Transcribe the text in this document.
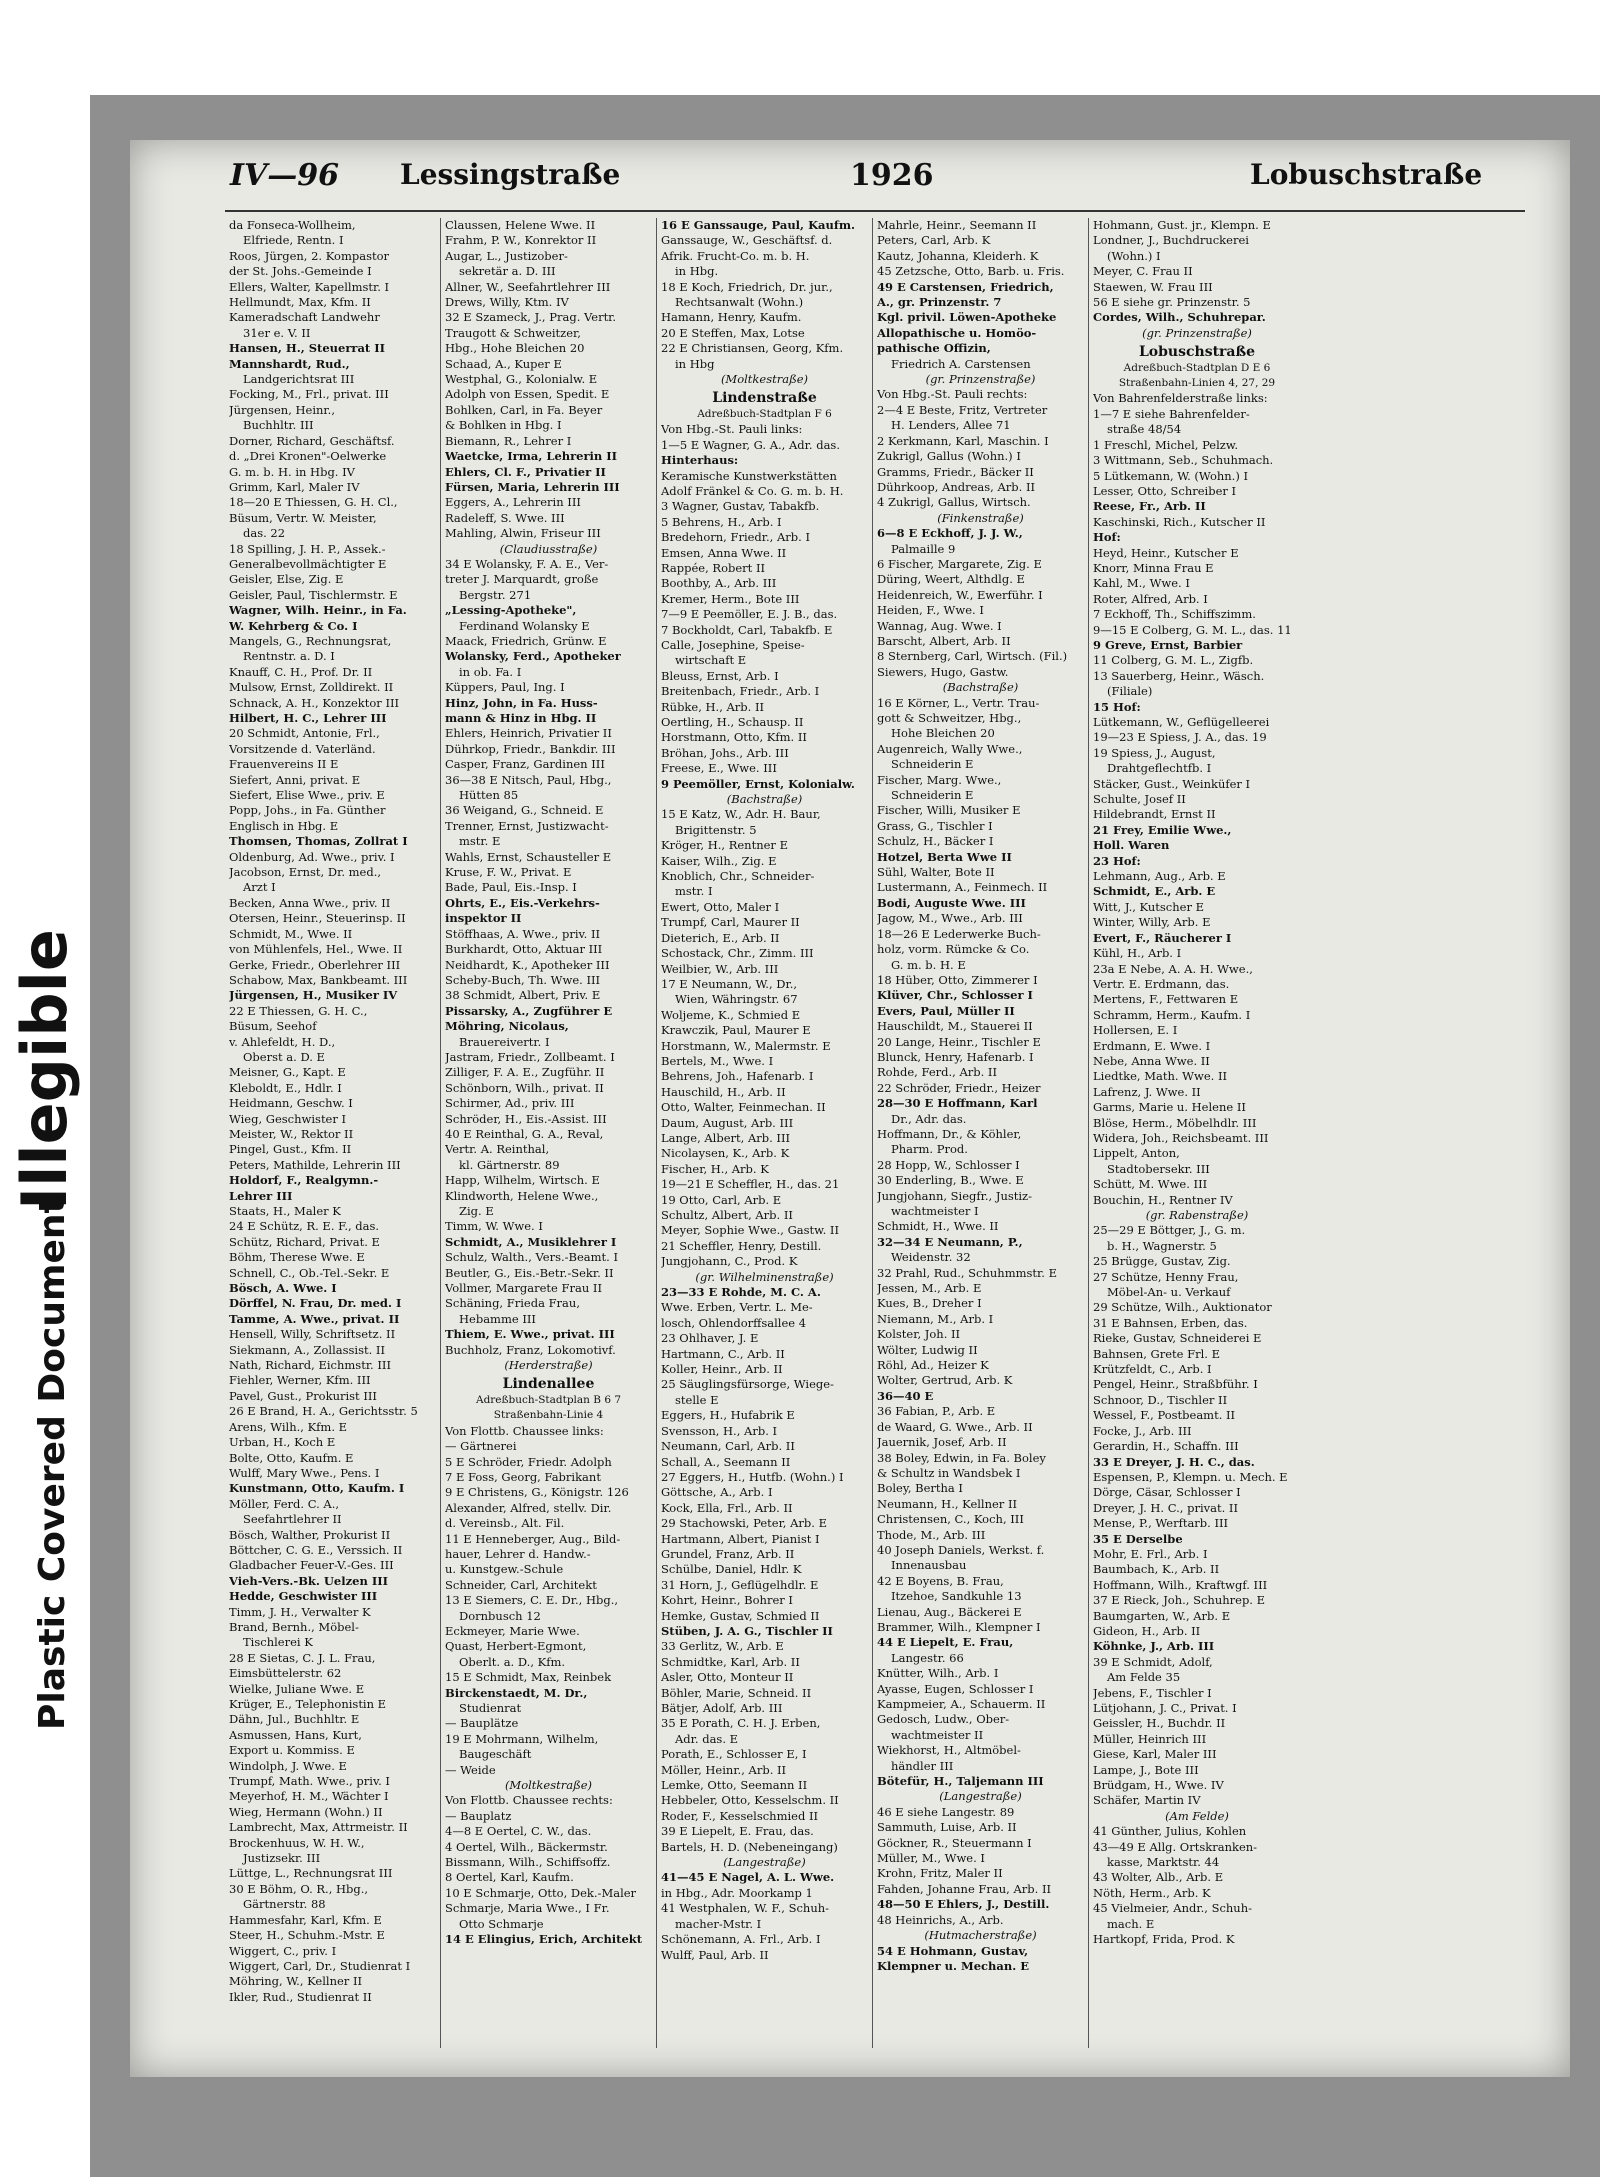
Illegible
Plastic Covered Document
IV—96 Lessingstraße	1926	Lobuschstraße
da Fonseca-Wollheim,
Elfriede, Rentn. I
Roos, Jürgen, 2. Kompastor
der St. Johs.-Gemeinde I
Ellers, Walter, Kapellmstr. I
Hellmundt, Max, Kfm. II
Kameradschaft Landwehr
31er e. V. II
Hansen, H., Steuerrat II
Mannshardt, Rud.,
Landgerichtsrat III
Focking, M., Frl., privat. III
Jürgensen, Heinr.,
Buchhltr. III
Dorner, Richard, Geschäftsf.
d. „Drei Kronen"-Oelwerke
G. m. b. H. in Hbg. IV
Grimm, Karl, Maler IV
18—20 E Thiessen, G. H. Cl.,
Büsum, Vertr. W. Meister,
das. 22
18 Spilling, J. H. P., Assek.-
Generalbevollmächtigter E
Geisler, Else, Zig. E
Geisler, Paul, Tischlermstr. E
Wagner, Wilh. Heinr., in Fa.
W. Kehrberg & Co. I
Mangels, G., Rechnungsrat,
Rentnstr. a. D. I
Knauff, C. H., Prof. Dr. II
Mulsow, Ernst, Zolldirekt. II
Schnack, A. H., Konzektor III
Hilbert, H. C., Lehrer III
20 Schmidt, Antonie, Frl.,
Vorsitzende d. Vaterländ.
Frauenvereins II E
Siefert, Anni, privat. E
Siefert, Elise Wwe., priv. E
Popp, Johs., in Fa. Günther
Englisch in Hbg. E
Thomsen, Thomas, Zollrat I
Oldenburg, Ad. Wwe., priv. I
Jacobson, Ernst, Dr. med.,
Arzt I
Becken, Anna Wwe., priv. II
Otersen, Heinr., Steuerinsp. II
Schmidt, M., Wwe. II
von Mühlenfels, Hel., Wwe. II
Gerke, Friedr., Oberlehrer III
Schabow, Max, Bankbeamt. III
Jürgensen, H., Musiker IV
22 E Thiessen, G. H. C.,
Büsum, Seehof
v. Ahlefeldt, H. D.,
Oberst a. D. E
Meisner, G., Kapt. E
Kleboldt, E., Hdlr. I
Heidmann, Geschw. I
Wieg, Geschwister I
Meister, W., Rektor II
Pingel, Gust., Kfm. II
Peters, Mathilde, Lehrerin III
Holdorf, F., Realgymn.-
Lehrer III
Staats, H., Maler K
24 E Schütz, R. E. F., das.
Schütz, Richard, Privat. E
Böhm, Therese Wwe. E
Schnell, C., Ob.-Tel.-Sekr. E
Bösch, A. Wwe. I
Dörffel, N. Frau, Dr. med. I
Tamme, A. Wwe., privat. II
Hensell, Willy, Schriftsetz. II
Siekmann, A., Zollassist. II
Nath, Richard, Eichmstr. III
Fiehler, Werner, Kfm. III
Pavel, Gust., Prokurist III
26 E Brand, H. A., Gerichtsstr. 5
Arens, Wilh., Kfm. E
Urban, H., Koch E
Bolte, Otto, Kaufm. E
Wulff, Mary Wwe., Pens. I
Kunstmann, Otto, Kaufm. I
Möller, Ferd. C. A.,
Seefahrtlehrer II
Bösch, Walther, Prokurist II
Böttcher, C. G. E., Verssich. II
Gladbacher Feuer-V.-Ges. III
Vieh-Vers.-Bk. Uelzen III
Hedde, Geschwister III
Timm, J. H., Verwalter K
Brand, Bernh., Möbel-
Tischlerei K
28 E Sietas, C. J. L. Frau,
Eimsbüttelerstr. 62
Wielke, Juliane Wwe. E
Krüger, E., Telephonistin E
Dähn, Jul., Buchhltr. E
Asmussen, Hans, Kurt,
Export u. Kommiss. E
Windolph, J. Wwe. E
Trumpf, Math. Wwe., priv. I
Meyerhof, H. M., Wächter I
Wieg, Hermann (Wohn.) II
Lambrecht, Max, Attrmeistr. II
Brockenhuus, W. H. W.,
Justizsekr. III
Lüttge, L., Rechnungsrat III
30 E Böhm, O. R., Hbg.,
Gärtnerstr. 88
Hammesfahr, Karl, Kfm. E
Steer, H., Schuhm.-Mstr. E
Wiggert, C., priv. I
Wiggert, Carl, Dr., Studienrat I
Möhring, W., Kellner II
Ikler, Rud., Studienrat II
Claussen, Helene Wwe. II
Frahm, P. W., Konrektor II
Augar, L., Justizober-
sekretär a. D. III
Allner, W., Seefahrtlehrer III
Drews, Willy, Ktm. IV
32 E Szameck, J., Prag. Vertr.
Traugott & Schweitzer,
Hbg., Hohe Bleichen 20
Schaad, A., Kuper E
Westphal, G., Kolonialw. E
Adolph von Essen, Spedit. E
Bohlken, Carl, in Fa. Beyer
& Bohlken in Hbg. I
Biemann, R., Lehrer I
Waetcke, Irma, Lehrerin II
Ehlers, Cl. F., Privatier II
Fürsen, Maria, Lehrerin III
Eggers, A., Lehrerin III
Radeleff, S. Wwe. III
Mahling, Alwin, Friseur III
(Claudiusstraße)
34 E Wolansky, F. A. E., Ver-
treter J. Marquardt, große
Bergstr. 271
„Lessing-Apotheke",
Ferdinand Wolansky E
Maack, Friedrich, Grünw. E
Wolansky, Ferd., Apotheker
in ob. Fa. I
Küppers, Paul, Ing. I
Hinz, John, in Fa. Huss-
mann & Hinz in Hbg. II
Ehlers, Heinrich, Privatier II
Dührkop, Friedr., Bankdir. III
Casper, Franz, Gardinen III
36—38 E Nitsch, Paul, Hbg.,
Hütten 85
36 Weigand, G., Schneid. E
Trenner, Ernst, Justizwacht-
mstr. E
Wahls, Ernst, Schausteller E
Kruse, F. W., Privat. E
Bade, Paul, Eis.-Insp. I
Ohrts, E., Eis.-Verkehrs-
inspektor II
Stöffhaas, A. Wwe., priv. II
Burkhardt, Otto, Aktuar III
Neidhardt, K., Apotheker III
Scheby-Buch, Th. Wwe. III
38 Schmidt, Albert, Priv. E
Pissarsky, A., Zugführer E
Möhring, Nicolaus,
Brauereivertr. I
Jastram, Friedr., Zollbeamt. I
Zilliger, F. A. E., Zugführ. II
Schönborn, Wilh., privat. II
Schirmer, Ad., priv. III
Schröder, H., Eis.-Assist. III
40 E Reinthal, G. A., Reval,
Vertr. A. Reinthal,
kl. Gärtnerstr. 89
Happ, Wilhelm, Wirtsch. E
Klindworth, Helene Wwe.,
Zig. E
Timm, W. Wwe. I
Schmidt, A., Musiklehrer I
Schulz, Walth., Vers.-Beamt. I
Beutler, G., Eis.-Betr.-Sekr. II
Vollmer, Margarete Frau II
Schäning, Frieda Frau,
Hebamme III
Thiem, E. Wwe., privat. III
Buchholz, Franz, Lokomotivf.
(Herderstraße)
Lindenallee
Adreßbuch-Stadtplan B 6 7
Straßenbahn-Linie 4
Von Flottb. Chaussee links:
— Gärtnerei
5 E Schröder, Friedr. Adolph
7 E Foss, Georg, Fabrikant
9 E Christens, G., Königstr. 126
Alexander, Alfred, stellv. Dir.
d. Vereinsb., Alt. Fil.
11 E Henneberger, Aug., Bild-
hauer, Lehrer d. Handw.-
u. Kunstgew.-Schule
Schneider, Carl, Architekt
13 E Siemers, C. E. Dr., Hbg.,
Dornbusch 12
Eckmeyer, Marie Wwe.
Quast, Herbert-Egmont,
Oberlt. a. D., Kfm.
15 E Schmidt, Max, Reinbek
Birckenstaedt, M. Dr.,
Studienrat
— Bauplätze
19 E Mohrmann, Wilhelm,
Baugeschäft
— Weide
(Moltkestraße)
Von Flottb. Chaussee rechts:
— Bauplatz
4—8 E Oertel, C. W., das.
4 Oertel, Wilh., Bäckermstr.
Bissmann, Wilh., Schiffsoffz.
8 Oertel, Karl, Kaufm.
10 E Schmarje, Otto, Dek.-Maler
Schmarje, Maria Wwe., I Fr.
Otto Schmarje
14 E Elingius, Erich, Architekt
16 E Ganssauge, Paul, Kaufm.
Ganssauge, W., Geschäftsf. d.
Afrik. Frucht-Co. m. b. H.
in Hbg.
18 E Koch, Friedrich, Dr. jur.,
Rechtsanwalt (Wohn.)
Hamann, Henry, Kaufm.
20 E Steffen, Max, Lotse
22 E Christiansen, Georg, Kfm.
in Hbg
(Moltkestraße)
Lindenstraße
Adreßbuch-Stadtplan F 6
Von Hbg.-St. Pauli links:
1—5 E Wagner, G. A., Adr. das.
Hinterhaus:
Keramische Kunstwerkstätten
Adolf Fränkel & Co. G. m. b. H.
3 Wagner, Gustav, Tabakfb.
5 Behrens, H., Arb. I
Bredehorn, Friedr., Arb. I
Emsen, Anna Wwe. II
Rappée, Robert II
Boothby, A., Arb. III
Kremer, Herm., Bote III
7—9 E Peemöller, E. J. B., das.
7 Bockholdt, Carl, Tabakfb. E
Calle, Josephine, Speise-
wirtschaft E
Bleuss, Ernst, Arb. I
Breitenbach, Friedr., Arb. I
Rübke, H., Arb. II
Oertling, H., Schausp. II
Horstmann, Otto, Kfm. II
Bröhan, Johs., Arb. III
Freese, E., Wwe. III
9 Peemöller, Ernst, Kolonialw.
(Bachstraße)
15 E Katz, W., Adr. H. Baur,
Brigittenstr. 5
Kröger, H., Rentner E
Kaiser, Wilh., Zig. E
Knoblich, Chr., Schneider-
mstr. I
Ewert, Otto, Maler I
Trumpf, Carl, Maurer II
Dieterich, E., Arb. II
Schostack, Chr., Zimm. III
Weilbier, W., Arb. III
17 E Neumann, W., Dr.,
Wien, Währingstr. 67
Woljeme, K., Schmied E
Krawczik, Paul, Maurer E
Horstmann, W., Malermstr. E
Bertels, M., Wwe. I
Behrens, Joh., Hafenarb. I
Hauschild, H., Arb. II
Otto, Walter, Feinmechan. II
Daum, August, Arb. III
Lange, Albert, Arb. III
Nicolaysen, K., Arb. K
Fischer, H., Arb. K
19—21 E Scheffler, H., das. 21
19 Otto, Carl, Arb. E
Schultz, Albert, Arb. II
Meyer, Sophie Wwe., Gastw. II
21 Scheffler, Henry, Destill.
Jungjohann, C., Prod. K
(gr. Wilhelminenstraße)
23—33 E Rohde, M. C. A.
Wwe. Erben, Vertr. L. Me-
losch, Ohlendorffsallee 4
23 Ohlhaver, J. E
Hartmann, C., Arb. II
Koller, Heinr., Arb. II
25 Säuglingsfürsorge, Wiege-
stelle E
Eggers, H., Hufabrik E
Svensson, H., Arb. I
Neumann, Carl, Arb. II
Schall, A., Seemann II
27 Eggers, H., Hutfb. (Wohn.) I
Göttsche, A., Arb. I
Kock, Ella, Frl., Arb. II
29 Stachowski, Peter, Arb. E
Hartmann, Albert, Pianist I
Grundel, Franz, Arb. II
Schülbe, Daniel, Hdlr. K
31 Horn, J., Geflügelhdlr. E
Kohrt, Heinr., Bohrer I
Hemke, Gustav, Schmied II
Stüben, J. A. G., Tischler II
33 Gerlitz, W., Arb. E
Schmidtke, Karl, Arb. II
Asler, Otto, Monteur II
Böhler, Marie, Schneid. II
Bätjer, Adolf, Arb. III
35 E Porath, C. H. J. Erben,
Adr. das. E
Porath, E., Schlosser E, I
Möller, Heinr., Arb. II
Lemke, Otto, Seemann II
Hebbeler, Otto, Kesselschm. II
Roder, F., Kesselschmied II
39 E Liepelt, E. Frau, das.
Bartels, H. D. (Nebeneingang)
(Langestraße)
41—45 E Nagel, A. L. Wwe.
in Hbg., Adr. Moorkamp 1
41 Westphalen, W. F., Schuh-
macher-Mstr. I
Schönemann, A. Frl., Arb. I
Wulff, Paul, Arb. II
Mahrle, Heinr., Seemann II
Peters, Carl, Arb. K
Kautz, Johanna, Kleiderh. K
45 Zetzsche, Otto, Barb. u. Fris.
49 E Carstensen, Friedrich,
A., gr. Prinzenstr. 7
Kgl. privil. Löwen-Apotheke
Allopathische u. Homöo-
pathische Offizin,
Friedrich A. Carstensen
(gr. Prinzenstraße)
Von Hbg.-St. Pauli rechts:
2—4 E Beste, Fritz, Vertreter
H. Lenders, Allee 71
2 Kerkmann, Karl, Maschin. I
Zukrigl, Gallus (Wohn.) I
Gramms, Friedr., Bäcker II
Dührkoop, Andreas, Arb. II
4 Zukrigl, Gallus, Wirtsch.
(Finkenstraße)
6—8 E Eckhoff, J. J. W.,
Palmaille 9
6 Fischer, Margarete, Zig. E
Düring, Weert, Althdlg. E
Heidenreich, W., Ewerführ. I
Heiden, F., Wwe. I
Wannag, Aug. Wwe. I
Barscht, Albert, Arb. II
8 Sternberg, Carl, Wirtsch. (Fil.)
Siewers, Hugo, Gastw.
(Bachstraße)
16 E Körner, L., Vertr. Trau-
gott & Schweitzer, Hbg.,
Hohe Bleichen 20
Augenreich, Wally Wwe.,
Schneiderin E
Fischer, Marg. Wwe.,
Schneiderin E
Fischer, Willi, Musiker E
Grass, G., Tischler I
Schulz, H., Bäcker I
Hotzel, Berta Wwe II
Sühl, Walter, Bote II
Lustermann, A., Feinmech. II
Bodi, Auguste Wwe. III
Jagow, M., Wwe., Arb. III
18—26 E Lederwerke Buch-
holz, vorm. Rümcke & Co.
G. m. b. H. E
18 Hüber, Otto, Zimmerer I
Klüver, Chr., Schlosser I
Evers, Paul, Müller II
Hauschildt, M., Stauerei II
20 Lange, Heinr., Tischler E
Blunck, Henry, Hafenarb. I
Rohde, Ferd., Arb. II
22 Schröder, Friedr., Heizer
28—30 E Hoffmann, Karl
Dr., Adr. das.
Hoffmann, Dr., & Köhler,
Pharm. Prod.
28 Hopp, W., Schlosser I
30 Enderling, B., Wwe. E
Jungjohann, Siegfr., Justiz-
wachtmeister I
Schmidt, H., Wwe. II
32—34 E Neumann, P.,
Weidenstr. 32
32 Prahl, Rud., Schuhmmstr. E
Jessen, M., Arb. E
Kues, B., Dreher I
Niemann, M., Arb. I
Kolster, Joh. II
Wölter, Ludwig II
Röhl, Ad., Heizer K
Wolter, Gertrud, Arb. K
36—40 E
36 Fabian, P., Arb. E
de Waard, G. Wwe., Arb. II
Jauernik, Josef, Arb. II
38 Boley, Edwin, in Fa. Boley
& Schultz in Wandsbek I
Boley, Bertha I
Neumann, H., Kellner II
Christensen, C., Koch, III
Thode, M., Arb. III
40 Joseph Daniels, Werkst. f.
Innenausbau
42 E Boyens, B. Frau,
Itzehoe, Sandkuhle 13
Lienau, Aug., Bäckerei E
Brammer, Wilh., Klempner I
44 E Liepelt, E. Frau,
Langestr. 66
Knütter, Wilh., Arb. I
Ayasse, Eugen, Schlosser I
Kampmeier, A., Schauerm. II
Gedosch, Ludw., Ober-
wachtmeister II
Wiekhorst, H., Altmöbel-
händler III
Bötefür, H., Taljemann III
(Langestraße)
46 E siehe Langestr. 89
Sammuth, Luise, Arb. II
Göckner, R., Steuermann I
Müller, M., Wwe. I
Krohn, Fritz, Maler II
Fahden, Johanne Frau, Arb. II
48—50 E Ehlers, J., Destill.
48 Heinrichs, A., Arb.
(Hutmacherstraße)
54 E Hohmann, Gustav,
Klempner u. Mechan. E
Hohmann, Gust. jr., Klempn. E
Londner, J., Buchdruckerei
(Wohn.) I
Meyer, C. Frau II
Staewen, W. Frau III
56 E siehe gr. Prinzenstr. 5
Cordes, Wilh., Schuhrepar.
(gr. Prinzenstraße)
Lobuschstraße
Adreßbuch-Stadtplan D E 6
Straßenbahn-Linien 4, 27, 29
Von Bahrenfelderstraße links:
1—7 E siehe Bahrenfelder-
straße 48/54
1 Freschl, Michel, Pelzw.
3 Wittmann, Seb., Schuhmach.
5 Lütkemann, W. (Wohn.) I
Lesser, Otto, Schreiber I
Reese, Fr., Arb. II
Kaschinski, Rich., Kutscher II
Hof:
Heyd, Heinr., Kutscher E
Knorr, Minna Frau E
Kahl, M., Wwe. I
Roter, Alfred, Arb. I
7 Eckhoff, Th., Schiffszimm.
9—15 E Colberg, G. M. L., das. 11
9 Greve, Ernst, Barbier
11 Colberg, G. M. L., Zigfb.
13 Sauerberg, Heinr., Wäsch.
(Filiale)
15 Hof:
Lütkemann, W., Geflügelleerei
19—23 E Spiess, J. A., das. 19
19 Spiess, J., August,
Drahtgeflechtfb. I
Stäcker, Gust., Weinküfer I
Schulte, Josef II
Hildebrandt, Ernst II
21 Frey, Emilie Wwe.,
Holl. Waren
23 Hof:
Lehmann, Aug., Arb. E
Schmidt, E., Arb. E
Witt, J., Kutscher E
Winter, Willy, Arb. E
Evert, F., Räucherer I
Kühl, H., Arb. I
23a E Nebe, A. A. H. Wwe.,
Vertr. E. Erdmann, das.
Mertens, F., Fettwaren E
Schramm, Herm., Kaufm. I
Hollersen, E. I
Erdmann, E. Wwe. I
Nebe, Anna Wwe. II
Liedtke, Math. Wwe. II
Lafrenz, J. Wwe. II
Garms, Marie u. Helene II
Blöse, Herm., Möbelhdlr. III
Widera, Joh., Reichsbeamt. III
Lippelt, Anton,
Stadtobersekr. III
Schütt, M. Wwe. III
Bouchin, H., Rentner IV
(gr. Rabenstraße)
25—29 E Böttger, J., G. m.
b. H., Wagnerstr. 5
25 Brügge, Gustav, Zig.
27 Schütze, Henny Frau,
Möbel-An- u. Verkauf
29 Schütze, Wilh., Auktionator
31 E Bahnsen, Erben, das.
Rieke, Gustav, Schneiderei E
Bahnsen, Grete Frl. E
Krützfeldt, C., Arb. I
Pengel, Heinr., Straßbführ. I
Schnoor, D., Tischler II
Wessel, F., Postbeamt. II
Focke, J., Arb. III
Gerardin, H., Schaffn. III
33 E Dreyer, J. H. C., das.
Espensen, P., Klempn. u. Mech. E
Dörge, Cäsar, Schlosser I
Dreyer, J. H. C., privat. II
Mense, P., Werftarb. III
35 E Derselbe
Mohr, E. Frl., Arb. I
Baumbach, K., Arb. II
Hoffmann, Wilh., Kraftwgf. III
37 E Rieck, Joh., Schuhrep. E
Baumgarten, W., Arb. E
Gideon, H., Arb. II
Köhnke, J., Arb. III
39 E Schmidt, Adolf,
Am Felde 35
Jebens, F., Tischler I
Lütjohann, J. C., Privat. I
Geissler, H., Buchdr. II
Müller, Heinrich III
Giese, Karl, Maler III
Lampe, J., Bote III
Brüdgam, H., Wwe. IV
Schäfer, Martin IV
(Am Felde)
41 Günther, Julius, Kohlen
43—49 E Allg. Ortskranken-
kasse, Marktstr. 44
43 Wolter, Alb., Arb. E
Nöth, Herm., Arb. K
45 Vielmeier, Andr., Schuh-
mach. E
Hartkopf, Frida, Prod. K
